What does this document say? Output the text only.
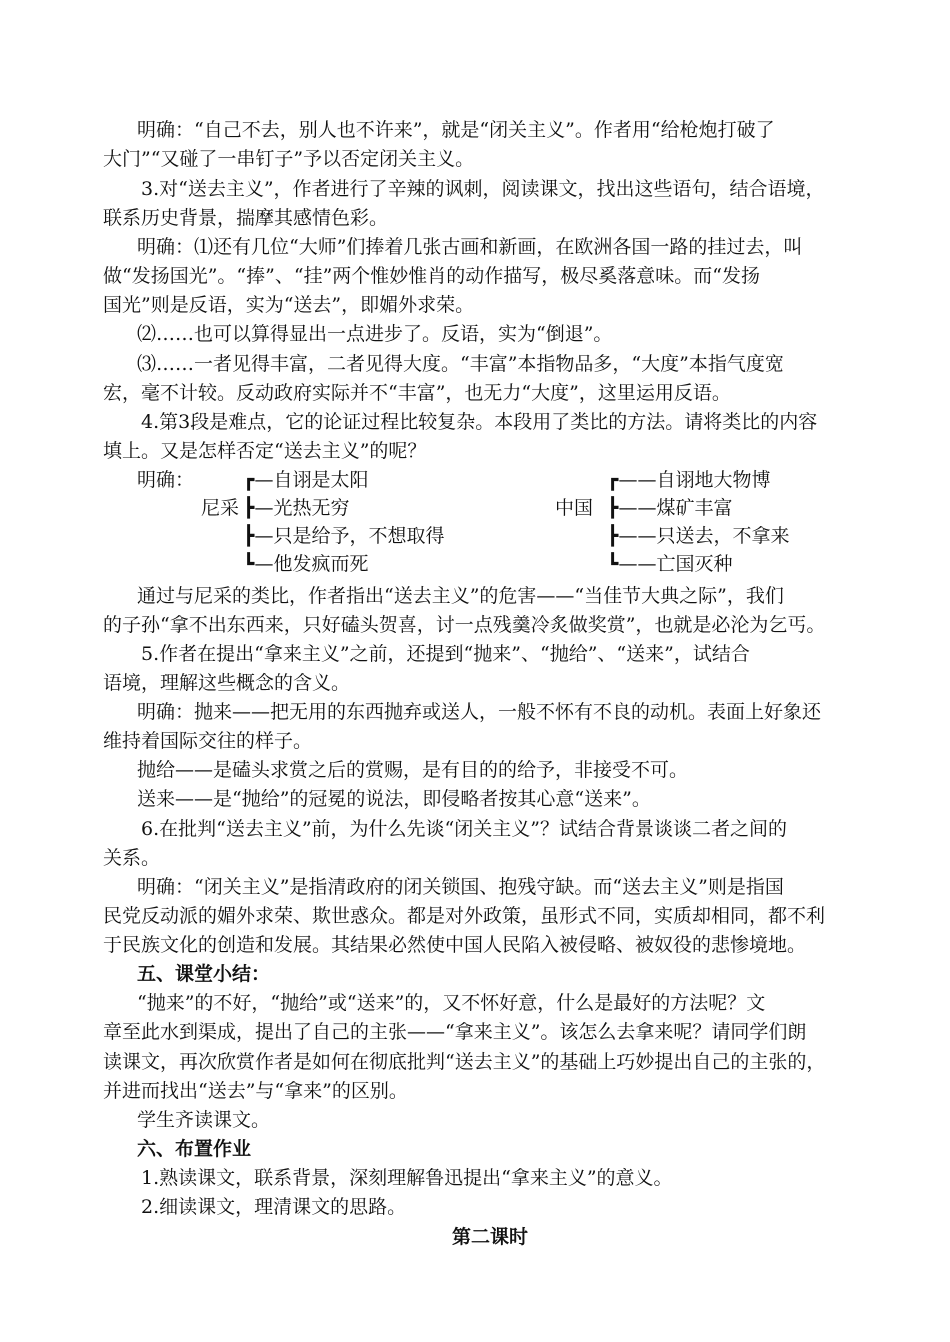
明确：“自己不去，别人也不许来”，就是“闭关主义”。作者用“给枪炮打破了
大门”“又碰了一串钉子”予以否定闭关主义。
3.对“送去主义”，作者进行了辛辣的讽刺，阅读课文，找出这些语句，结合语境，
联系历史背景，揣摩其感情色彩。
明确：⑴还有几位“大师”们捧着几张古画和新画，在欧洲各国一路的挂过去，叫
做“发扬国光”。“捧”、“挂”两个惟妙惟肖的动作描写，极尽奚落意味。而“发扬
国光”则是反语，实为“送去”，即媚外求荣。
⑵……也可以算得显出一点进步了。反语，实为“倒退”。
⑶……一者见得丰富，二者见得大度。“丰富”本指物品多，“大度”本指气度宽
宏，毫不计较。反动政府实际并不“丰富”，也无力“大度”，这里运用反语。
4.第3段是难点，它的论证过程比较复杂。本段用了类比的方法。请将类比的内容
填上。又是怎样否定“送去主义”的呢？
明确：
尼采
┏—自诩是太阳
┣—光热无穷
┣—只是给予，不想取得
┗—他发疯而死
中国
┏——自诩地大物博
┣——煤矿丰富
┣——只送去，不拿来
┗——亡国灭种
通过与尼采的类比，作者指出“送去主义”的危害——“当佳节大典之际”，我们
的子孙“拿不出东西来，只好磕头贺喜，讨一点残羹冷炙做奖赏”，也就是必沦为乞丐。
5.作者在提出“拿来主义”之前，还提到“抛来”、“抛给”、“送来”，试结合
语境，理解这些概念的含义。
明确：抛来——把无用的东西抛弃或送人，一般不怀有不良的动机。表面上好象还
维持着国际交往的样子。
抛给——是磕头求赏之后的赏赐，是有目的的给予，非接受不可。
送来——是“抛给”的冠冕的说法，即侵略者按其心意“送来”。
6.在批判“送去主义”前，为什么先谈“闭关主义”？试结合背景谈谈二者之间的
关系。
明确：“闭关主义”是指清政府的闭关锁国、抱残守缺。而“送去主义”则是指国
民党反动派的媚外求荣、欺世惑众。都是对外政策，虽形式不同，实质却相同，都不利
于民族文化的创造和发展。其结果必然使中国人民陷入被侵略、被奴役的悲惨境地。
五、课堂小结：
“抛来”的不好，“抛给”或“送来”的，又不怀好意，什么是最好的方法呢？文
章至此水到渠成，提出了自己的主张——“拿来主义”。该怎么去拿来呢？请同学们朗
读课文，再次欣赏作者是如何在彻底批判“送去主义”的基础上巧妙提出自己的主张的，
并进而找出“送去”与“拿来”的区别。
学生齐读课文。
六、布置作业
1.熟读课文，联系背景，深刻理解鲁迅提出“拿来主义”的意义。
2.细读课文，理清课文的思路。
第二课时
